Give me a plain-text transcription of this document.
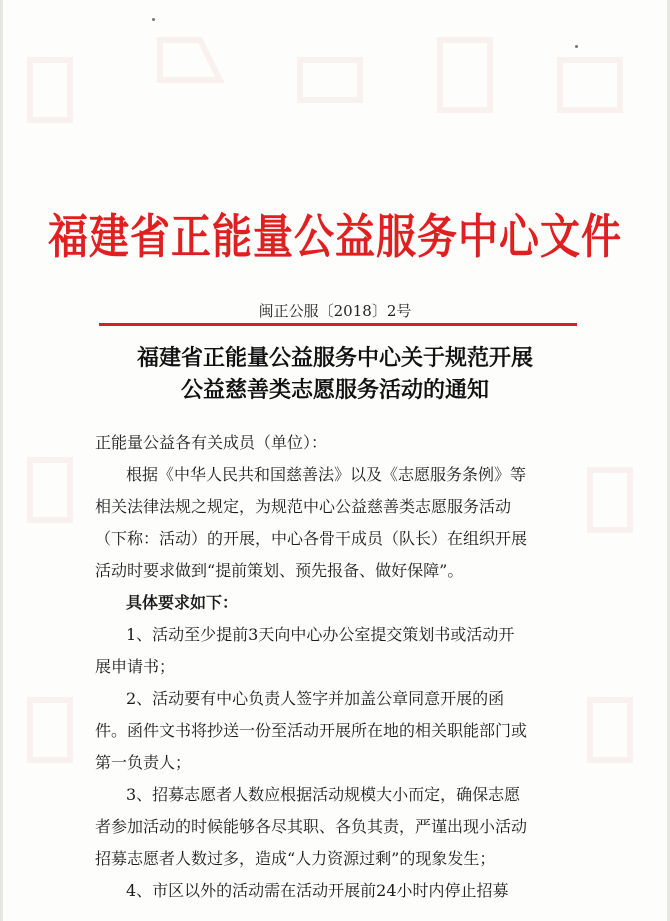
福建省正能量公益服务中心文件
闽正公服〔2018〕2号
福建省正能量公益服务中心关于规范开展
公益慈善类志愿服务活动的通知
正能量公益各有关成员（单位）：
根据《中华人民共和国慈善法》以及《志愿服务条例》等
相关法律法规之规定，为规范中心公益慈善类志愿服务活动
（下称：活动）的开展，中心各骨干成员（队长）在组织开展
活动时要求做到“提前策划、预先报备、做好保障”。
具体要求如下：
1、活动至少提前3天向中心办公室提交策划书或活动开
展申请书；
2、活动要有中心负责人签字并加盖公章同意开展的函
件。函件文书将抄送一份至活动开展所在地的相关职能部门或
第一负责人；
3、招募志愿者人数应根据活动规模大小而定，确保志愿
者参加活动的时候能够各尽其职、各负其责，严谨出现小活动
招募志愿者人数过多，造成“人力资源过剩”的现象发生；
4、市区以外的活动需在活动开展前24小时内停止招募
